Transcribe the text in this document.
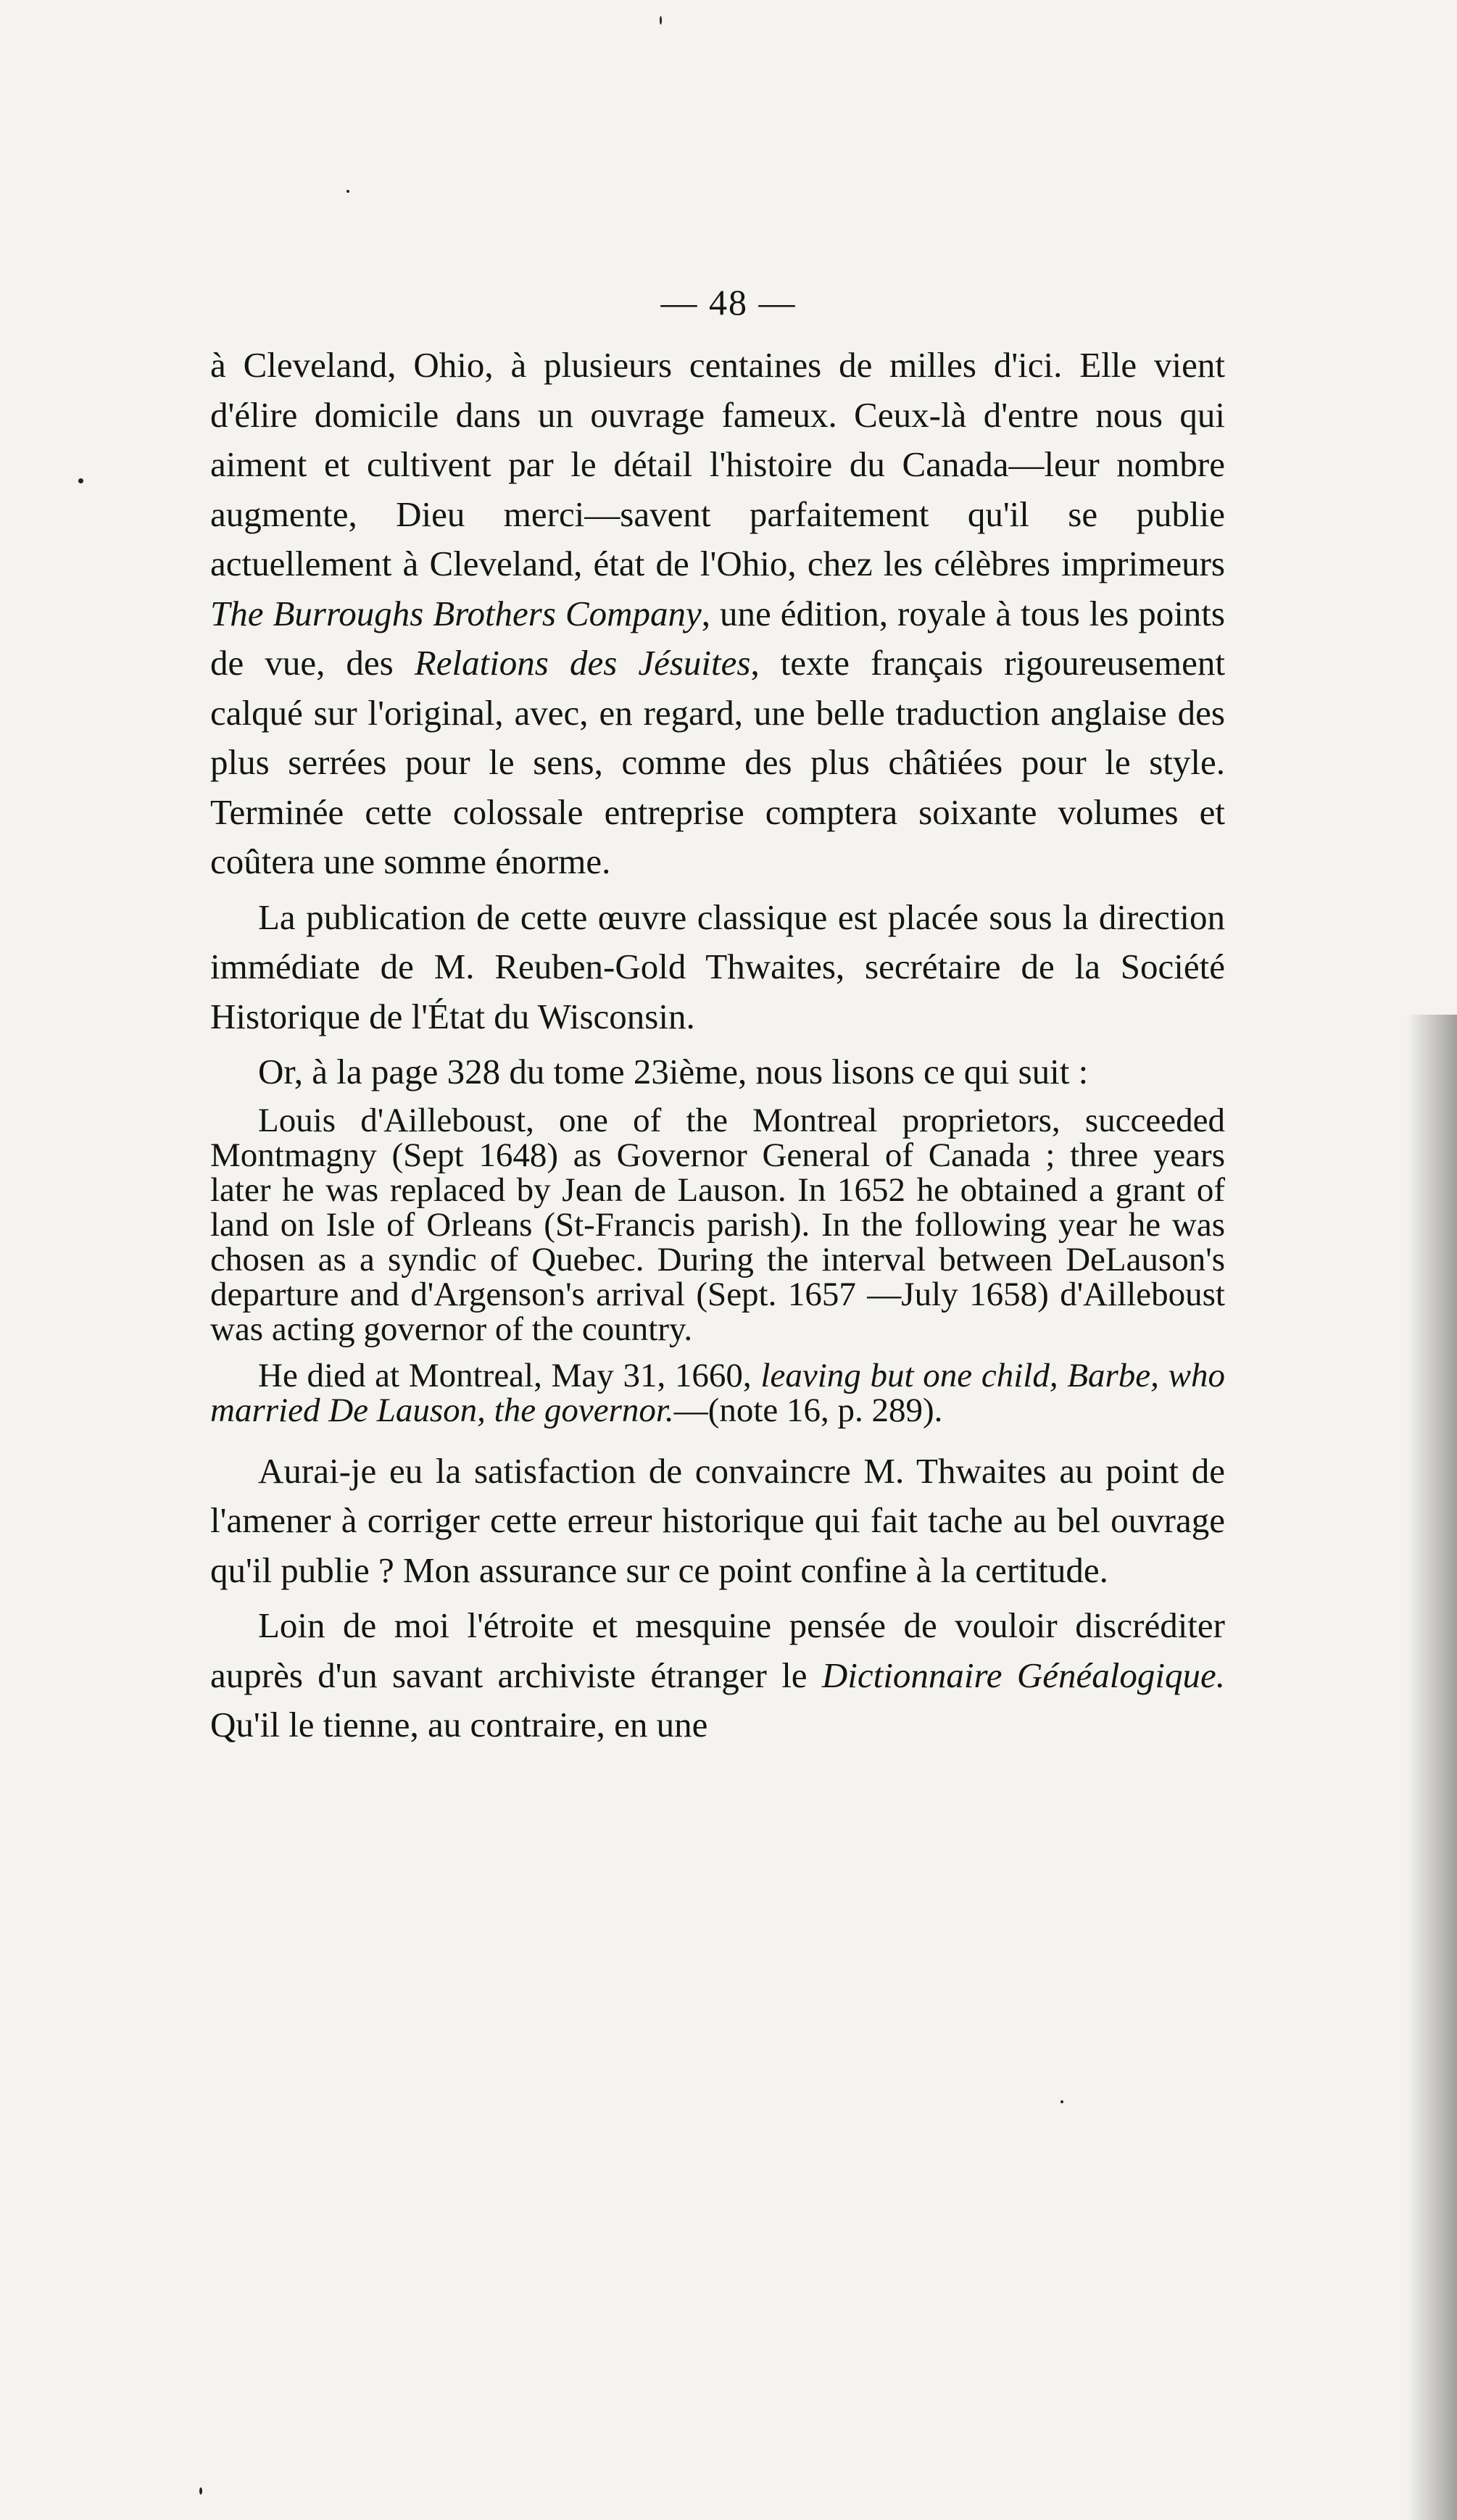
— 48 —

à Cleveland, Ohio, à plusieurs centaines de milles d'ici. Elle vient d'élire domicile dans un ouvrage fameux. Ceux-là d'entre nous qui aiment et cultivent par le détail l'histoire du Canada—leur nombre augmente, Dieu merci—savent parfaitement qu'il se publie actuellement à Cleveland, état de l'Ohio, chez les célèbres imprimeurs The Burroughs Brothers Company, une édition, royale à tous les points de vue, des Relations des Jésuites, texte français rigoureusement calqué sur l'original, avec, en regard, une belle traduction anglaise des plus serrées pour le sens, comme des plus châtiées pour le style. Terminée cette colossale entreprise comptera soixante volumes et coûtera une somme énorme.

La publication de cette œuvre classique est placée sous la direction immédiate de M. Reuben-Gold Thwaites, secrétaire de la Société Historique de l'État du Wisconsin.

Or, à la page 328 du tome 23ième, nous lisons ce qui suit :

Louis d'Ailleboust, one of the Montreal proprietors, succeeded Montmagny (Sept 1648) as Governor General of Canada ; three years later he was replaced by Jean de Lauson. In 1652 he obtained a grant of land on Isle of Orleans (St-Francis parish). In the following year he was chosen as a syndic of Quebec. During the interval between DeLauson's departure and d'Argenson's arrival (Sept. 1657 —July 1658) d'Ailleboust was acting governor of the country.

He died at Montreal, May 31, 1660, leaving but one child, Barbe, who married De Lauson, the governor.—(note 16, p. 289).

Aurai-je eu la satisfaction de convaincre M. Thwaites au point de l'amener à corriger cette erreur historique qui fait tache au bel ouvrage qu'il publie ? Mon assurance sur ce point confine à la certitude.

Loin de moi l'étroite et mesquine pensée de vouloir discréditer auprès d'un savant archiviste étranger le Dictionnaire Généalogique. Qu'il le tienne, au contraire, en une
